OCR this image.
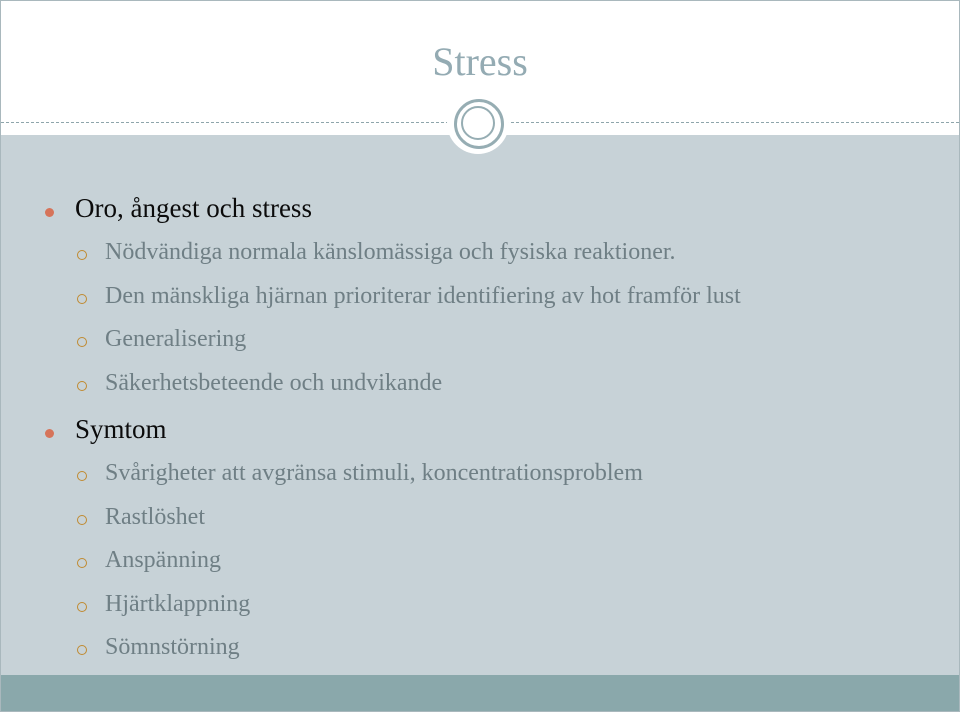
Stress
Oro, ångest och stress
Nödvändiga normala känslomässiga och fysiska reaktioner.
Den mänskliga hjärnan prioriterar identifiering av hot framför lust
Generalisering
Säkerhetsbeteende och undvikande
Symtom
Svårigheter att avgränsa stimuli, koncentrationsproblem
Rastlöshet
Anspänning
Hjärtklappning
Sömnstörning
